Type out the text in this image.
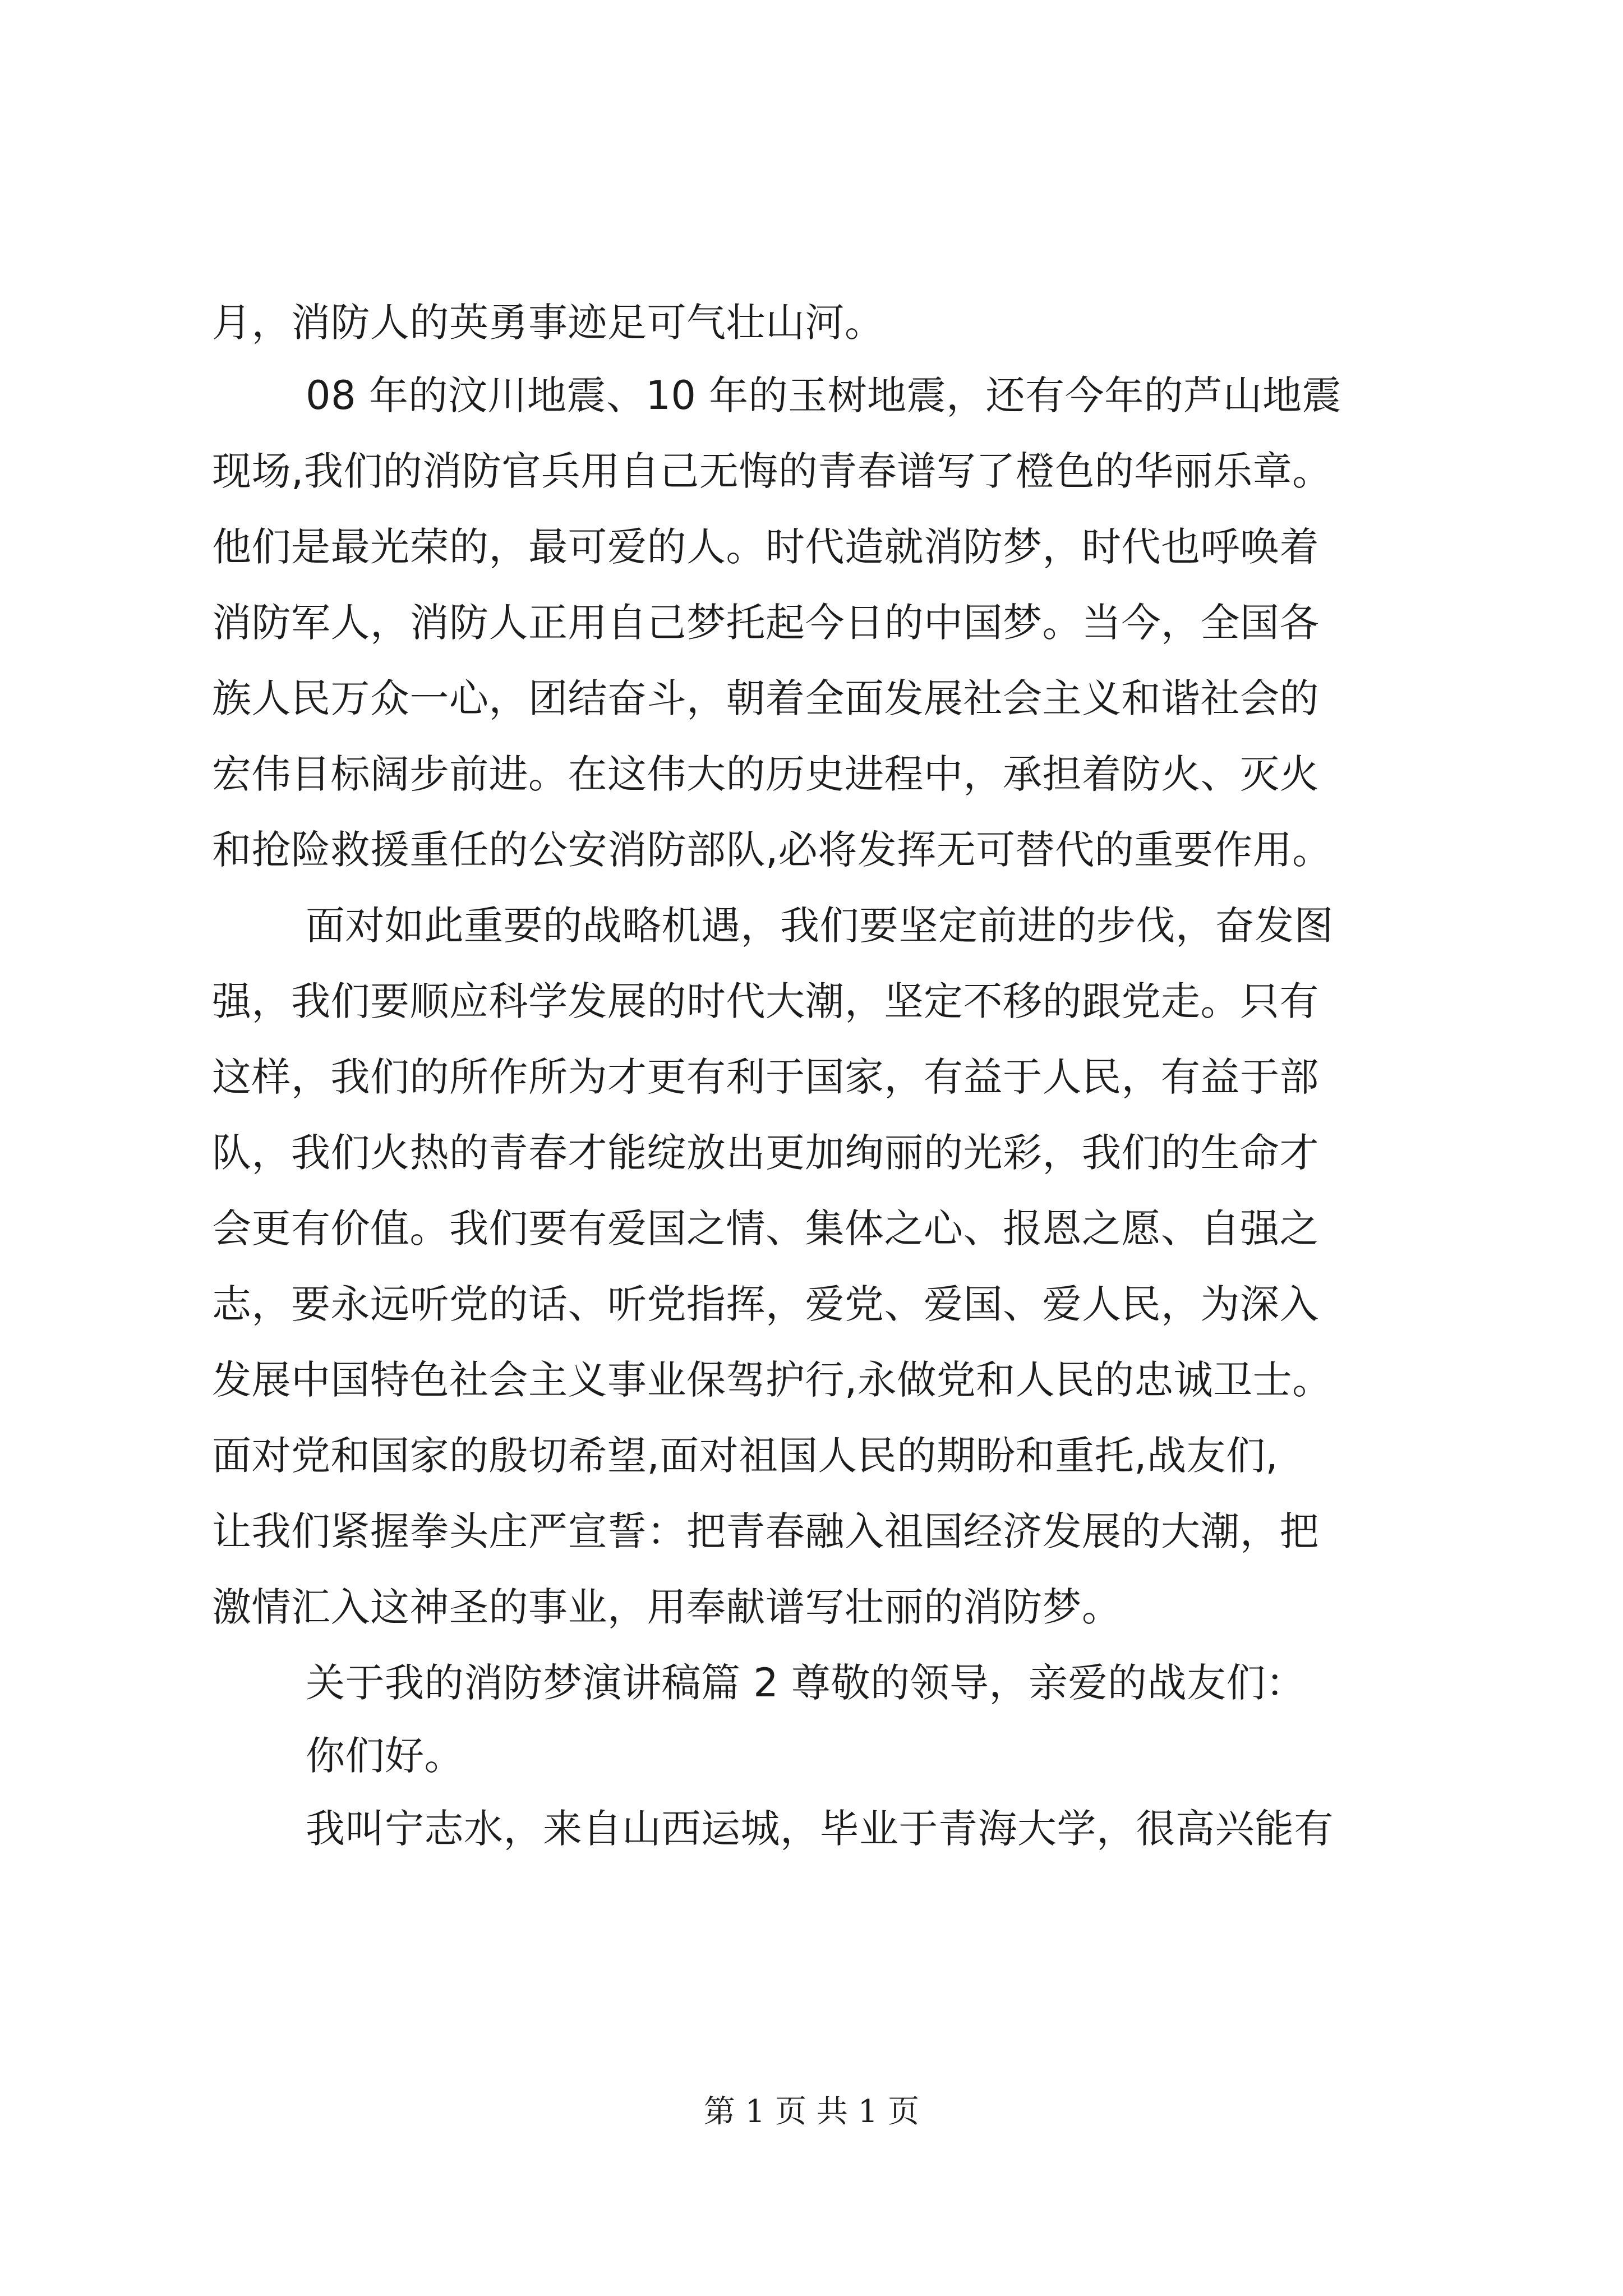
月，消防人的英勇事迹足可气壮山河。
08 年的汶川地震、10 年的玉树地震，还有今年的芦山地震
现场,我们的消防官兵用自己无悔的青春谱写了橙色的华丽乐章。
他们是最光荣的，最可爱的人。时代造就消防梦，时代也呼唤着
消防军人，消防人正用自己梦托起今日的中国梦。当今，全国各
族人民万众一心，团结奋斗，朝着全面发展社会主义和谐社会的
宏伟目标阔步前进。在这伟大的历史进程中，承担着防火、灭火
和抢险救援重任的公安消防部队,必将发挥无可替代的重要作用。
面对如此重要的战略机遇，我们要坚定前进的步伐，奋发图
强，我们要顺应科学发展的时代大潮，坚定不移的跟党走。只有
这样，我们的所作所为才更有利于国家，有益于人民，有益于部
队，我们火热的青春才能绽放出更加绚丽的光彩，我们的生命才
会更有价值。我们要有爱国之情、集体之心、报恩之愿、自强之
志，要永远听党的话、听党指挥，爱党、爱国、爱人民，为深入
发展中国特色社会主义事业保驾护行,永做党和人民的忠诚卫士。
面对党和国家的殷切希望,面对祖国人民的期盼和重托,战友们,
让我们紧握拳头庄严宣誓：把青春融入祖国经济发展的大潮，把
激情汇入这神圣的事业，用奉献谱写壮丽的消防梦。
关于我的消防梦演讲稿篇 2 尊敬的领导，亲爱的战友们：
你们好。
我叫宁志水，来自山西运城，毕业于青海大学，很高兴能有
第 1 页 共 1 页
